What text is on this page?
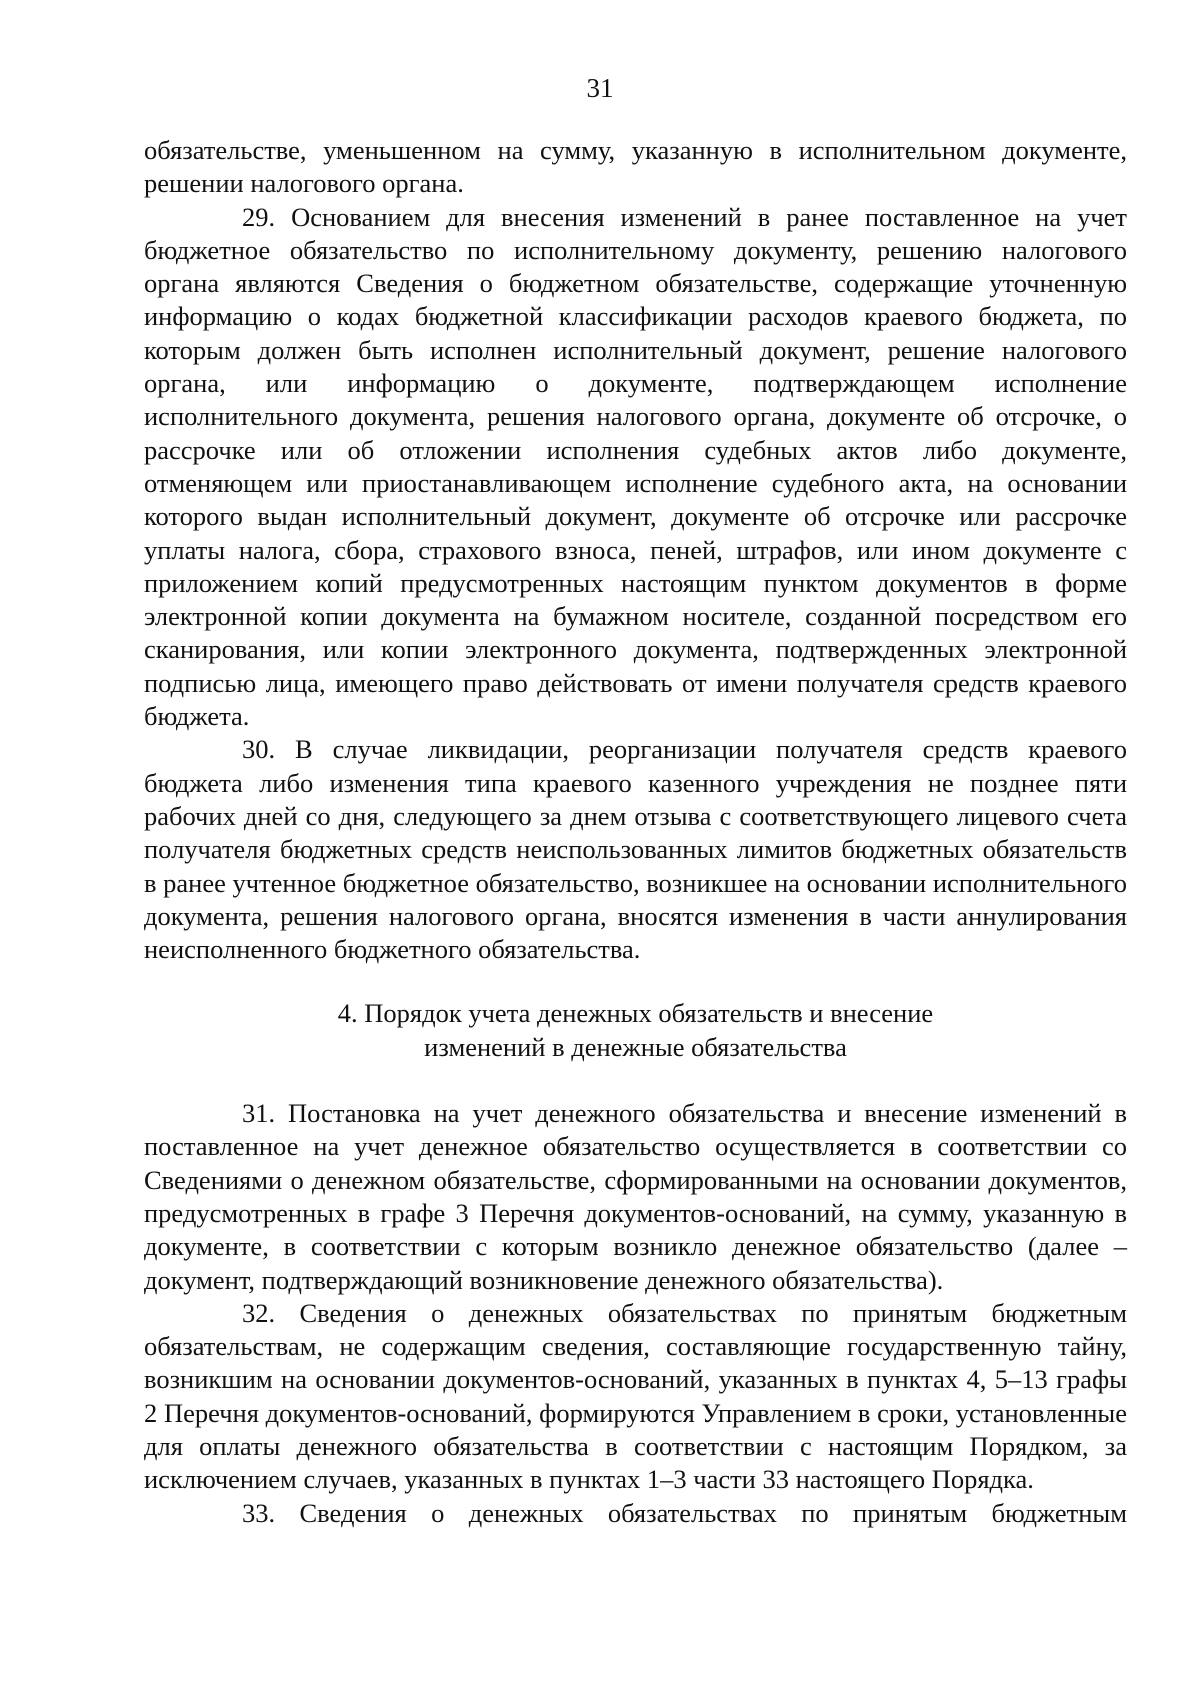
31

обязательстве, уменьшенном на сумму, указанную в исполнительном документе, решении налогового органа.

29. Основанием для внесения изменений в ранее поставленное на учет бюджетное обязательство по исполнительному документу, решению налогового органа являются Сведения о бюджетном обязательстве, содержащие уточненную информацию о кодах бюджетной классификации расходов краевого бюджета, по которым должен быть исполнен исполнительный документ, решение налогового органа, или информацию о документе, подтверждающем исполнение исполнительного документа, решения налогового органа, документе об отсрочке, о рассрочке или об отложении исполнения судебных актов либо документе, отменяющем или приостанавливающем исполнение судебного акта, на основании которого выдан исполнительный документ, документе об отсрочке или рассрочке уплаты налога, сбора, страхового взноса, пеней, штрафов, или ином документе с приложением копий предусмотренных настоящим пунктом документов в форме электронной копии документа на бумажном носителе, созданной посредством его сканирования, или копии электронного документа, подтвержденных электронной подписью лица, имеющего право действовать от имени получателя средств краевого бюджета.

30. В случае ликвидации, реорганизации получателя средств краевого бюджета либо изменения типа краевого казенного учреждения не позднее пяти рабочих дней со дня, следующего за днем отзыва с соответствующего лицевого счета получателя бюджетных средств неиспользованных лимитов бюджетных обязательств в ранее учтенное бюджетное обязательство, возникшее на основании исполнительного документа, решения налогового органа, вносятся изменения в части аннулирования неисполненного бюджетного обязательства.

4. Порядок учета денежных обязательств и внесение
изменений в денежные обязательства

31. Постановка на учет денежного обязательства и внесение изменений в поставленное на учет денежное обязательство осуществляется в соответствии со Сведениями о денежном обязательстве, сформированными на основании документов, предусмотренных в графе 3 Перечня документов-оснований, на сумму, указанную в документе, в соответствии с которым возникло денежное обязательство (далее – документ, подтверждающий возникновение денежного обязательства).

32. Сведения о денежных обязательствах по принятым бюджетным обязательствам, не содержащим сведения, составляющие государственную тайну, возникшим на основании документов-оснований, указанных в пунктах 4, 5–13 графы 2 Перечня документов-оснований, формируются Управлением в сроки, установленные для оплаты денежного обязательства в соответствии с настоящим Порядком, за исключением случаев, указанных в пунктах 1–3 части 33 настоящего Порядка.

33. Сведения о денежных обязательствах по принятым бюджетным
